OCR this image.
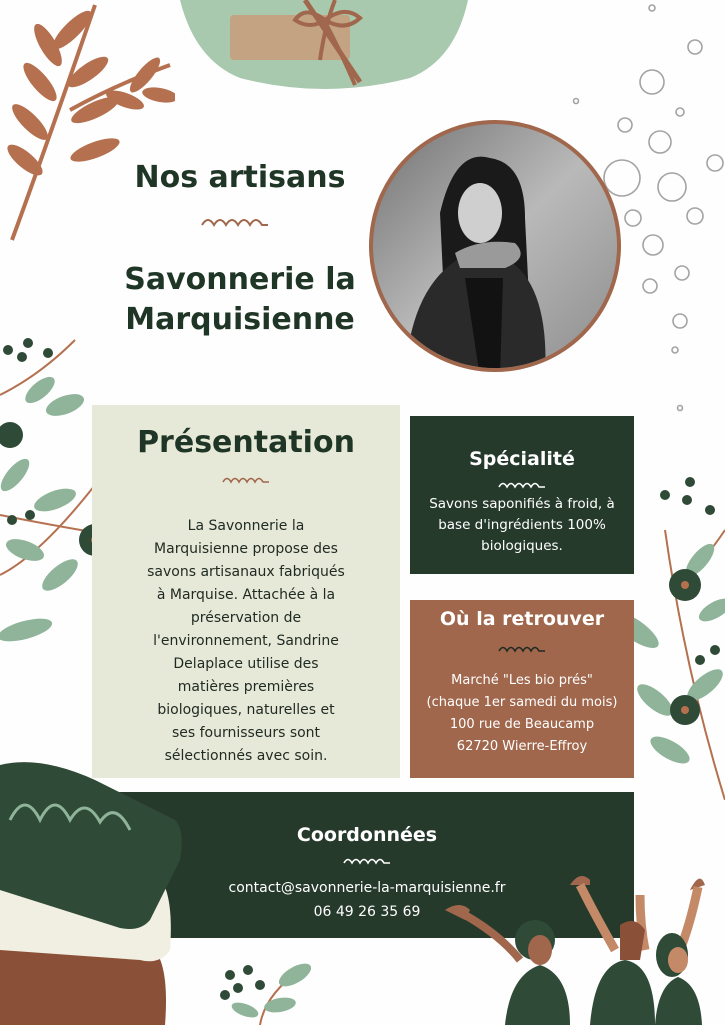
Nos artisans
Savonnerie la
Marquisienne
Présentation
La Savonnerie la
Marquisienne propose des
savons artisanaux fabriqués
à Marquise. Attachée à la
préservation de
l'environnement, Sandrine
Delaplace utilise des
matières premières
biologiques, naturelles et
ses fournisseurs sont
sélectionnés avec soin.
Spécialité
Savons saponifiés à froid, à
base d'ingrédients 100%
biologiques.
Où la retrouver
Marché "Les bio prés"
(chaque 1er samedi du mois)
100 rue de Beaucamp
62720 Wierre-Effroy
Coordonnées
contact@savonnerie-la-marquisienne.fr
06 49 26 35 69
